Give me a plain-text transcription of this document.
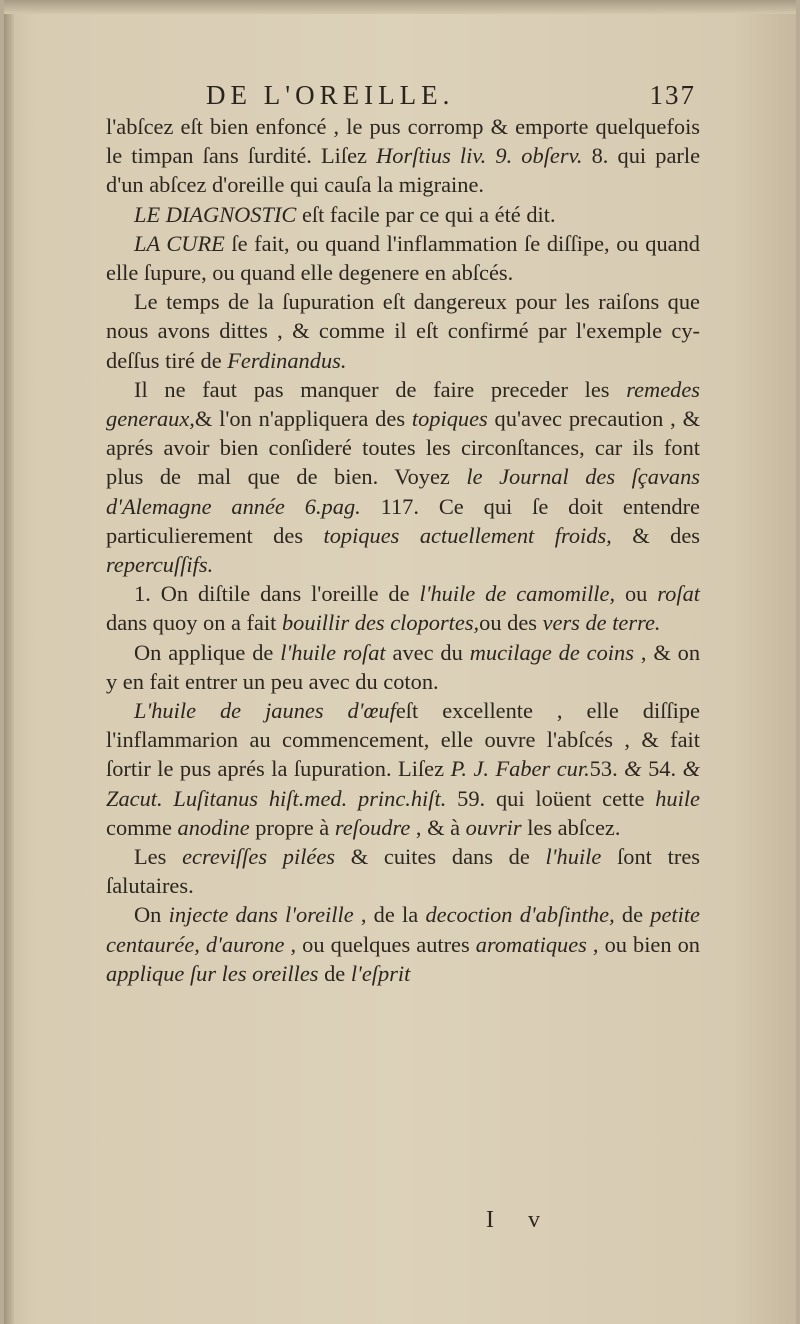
DE L'OREILLE.	137

l'abſcez eſt bien enfoncé , le pus corromp & emporte quelquefois le timpan ſans ſurdité. Liſez Horſtius liv. 9. obſerv. 8. qui parle d'un abſcez d'oreille qui cauſa la migraine.

LE DIAGNOSTIC eſt facile par ce qui a été dit.

LA CURE ſe fait, ou quand l'inflammation ſe diſſipe, ou quand elle ſupure, ou quand elle degenere en abſcés.

Le temps de la ſupuration eſt dangereux pour les raiſons que nous avons dittes , & comme il eſt confirmé par l'exemple cy-deſſus tiré de Ferdinandus.

Il ne faut pas manquer de faire preceder les remedes generaux,& l'on n'appliquera des topiques qu'avec precaution , & aprés avoir bien conſideré toutes les circonſtances, car ils font plus de mal que de bien. Voyez le Journal des ſçavans d'Alemagne année 6.pag. 117. Ce qui ſe doit entendre particulierement des topiques actuellement froids, & des repercuſſifs.

1. On diſtile dans l'oreille de l'huile de camomille, ou roſat dans quoy on a fait bouillir des cloportes,ou des vers de terre.

On applique de l'huile roſat avec du mucilage de coins , & on y en fait entrer un peu avec du coton.

L'huile de jaunes d'œufeſt excellente , elle diſſipe l'inflammarion au commencement, elle ouvre l'abſcés , & fait ſortir le pus aprés la ſupuration. Liſez P. J. Faber cur.53. & 54. & Zacut. Luſitanus hiſt.med. princ.hiſt. 59. qui loüent cette huile comme anodine propre à reſoudre , & à ouvrir les abſcez.

Les ecreviſſes pilées & cuites dans de l'huile ſont tres ſalutaires.

On injecte dans l'oreille , de la decoction d'abſinthe, de petite centaurée, d'aurone , ou quelques autres aromatiques , ou bien on applique ſur les oreilles de l'eſprit

I v
